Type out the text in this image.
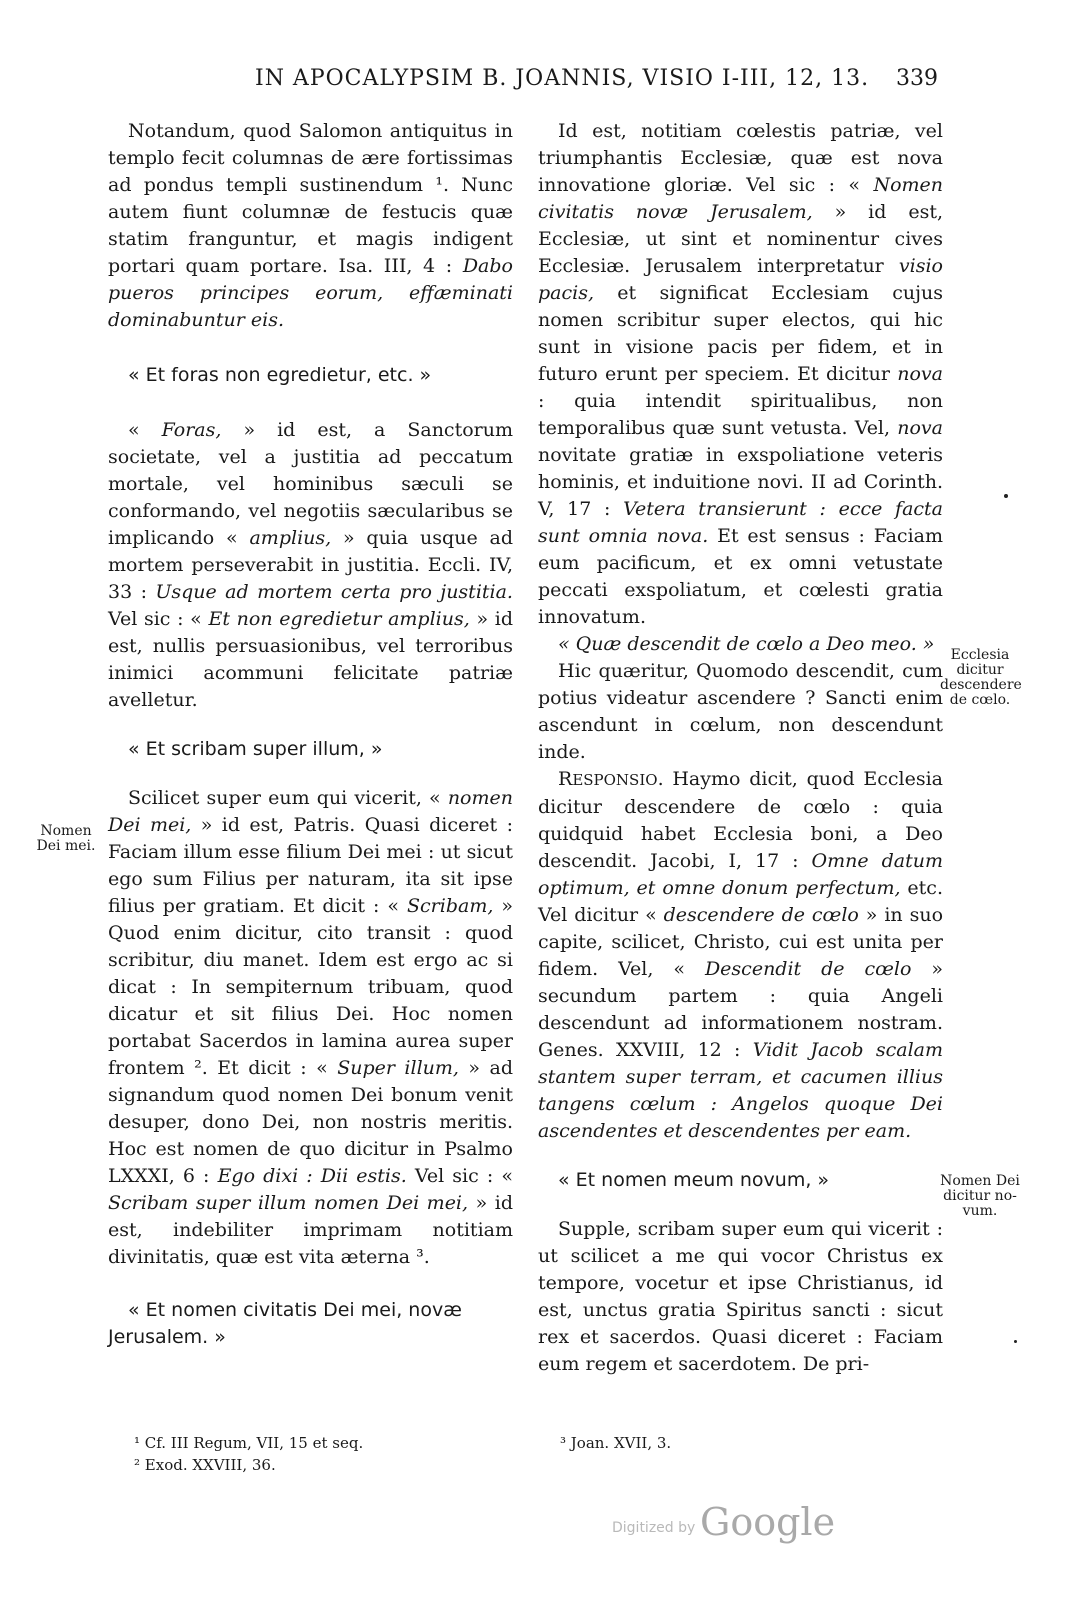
IN APOCALYPSIM B. JOANNIS, VISIO I-III, 12, 13. 339

Notandum, quod Salomon antiquitus in templo fecit columnas de ære fortissimas ad pondus templi sustinendum ¹. Nunc autem fiunt columnæ de festucis quæ statim franguntur, et magis indigent portari quam portare. Isa. III, 4 : Dabo pueros principes eorum, effæminati dominabuntur eis.

« Et foras non egredietur, etc. »

« Foras, » id est, a Sanctorum societate, vel a justitia ad peccatum mortale, vel hominibus sæculi se conformando, vel negotiis sæcularibus se implicando « amplius, » quia usque ad mortem perseverabit in justitia. Eccli. IV, 33 : Usque ad mortem certa pro justitia. Vel sic : « Et non egredietur amplius, » id est, nullis persuasionibus, vel terroribus inimici acommuni felicitate patriæ avelletur.

« Et scribam super illum, »

Scilicet super eum qui vicerit, « nomen Dei mei, » id est, Patris. Quasi diceret : Faciam illum esse filium Dei mei : ut sicut ego sum Filius per naturam, ita sit ipse filius per gratiam. Et dicit : « Scribam, » Quod enim dicitur, cito transit : quod scribitur, diu manet. Idem est ergo ac si dicat : In sempiternum tribuam, quod dicatur et sit filius Dei. Hoc nomen portabat Sacerdos in lamina aurea super frontem ². Et dicit : « Super illum, » ad signandum quod nomen Dei bonum venit desuper, dono Dei, non nostris meritis. Hoc est nomen de quo dicitur in Psalmo LXXXI, 6 : Ego dixi : Dii estis. Vel sic : « Scribam super illum nomen Dei mei, » id est, indebiliter imprimam notitiam divinitatis, quæ est vita æterna ³.

« Et nomen civitatis Dei mei, novæ Jerusalem. »

Id est, notitiam cœlestis patriæ, vel triumphantis Ecclesiæ, quæ est nova innovatione gloriæ. Vel sic : « Nomen civitatis novæ Jerusalem, » id est, Ecclesiæ, ut sint et nominentur cives Ecclesiæ. Jerusalem interpretatur visio pacis, et significat Ecclesiam cujus nomen scribitur super electos, qui hic sunt in visione pacis per fidem, et in futuro erunt per speciem. Et dicitur nova : quia intendit spiritualibus, non temporalibus quæ sunt vetusta. Vel, nova novitate gratiæ in exspoliatione veteris hominis, et induitione novi. II ad Corinth. V, 17 : Vetera transierunt : ecce facta sunt omnia nova. Et est sensus : Faciam eum pacificum, et ex omni vetustate peccati exspoliatum, et cœlesti gratia innovatum.

« Quæ descendit de cœlo a Deo meo. »

Hic quæritur, Quomodo descendit, cum potius videatur ascendere ? Sancti enim ascendunt in cœlum, non descendunt inde.

RESPONSIO. Haymo dicit, quod Ecclesia dicitur descendere de cœlo : quia quidquid habet Ecclesia boni, a Deo descendit. Jacobi, I, 17 : Omne datum optimum, et omne donum perfectum, etc. Vel dicitur « descendere de cœlo » in suo capite, scilicet, Christo, cui est unita per fidem. Vel, « Descendit de cœlo » secundum partem : quia Angeli descendunt ad informationem nostram. Genes. XXVIII, 12 : Vidit Jacob scalam stantem super terram, et cacumen illius tangens cœlum : Angelos quoque Dei ascendentes et descendentes per eam.

« Et nomen meum novum, »

Supple, scribam super eum qui vicerit : ut scilicet a me qui vocor Christus ex tempore, vocetur et ipse Christianus, id est, unctus gratia Spiritus sancti : sicut rex et sacerdos. Quasi diceret : Faciam eum regem et sacerdotem. De pri-

Nomen
Dei mei.
Ecclesia
dicitur
descendere
de cœlo.
Nomen Dei
dicitur no-
vum.

¹ Cf. III Regum, VII, 15 et seq.

² Exod. XXVIII, 36.

³ Joan. XVII, 3.

Digitized by Google
